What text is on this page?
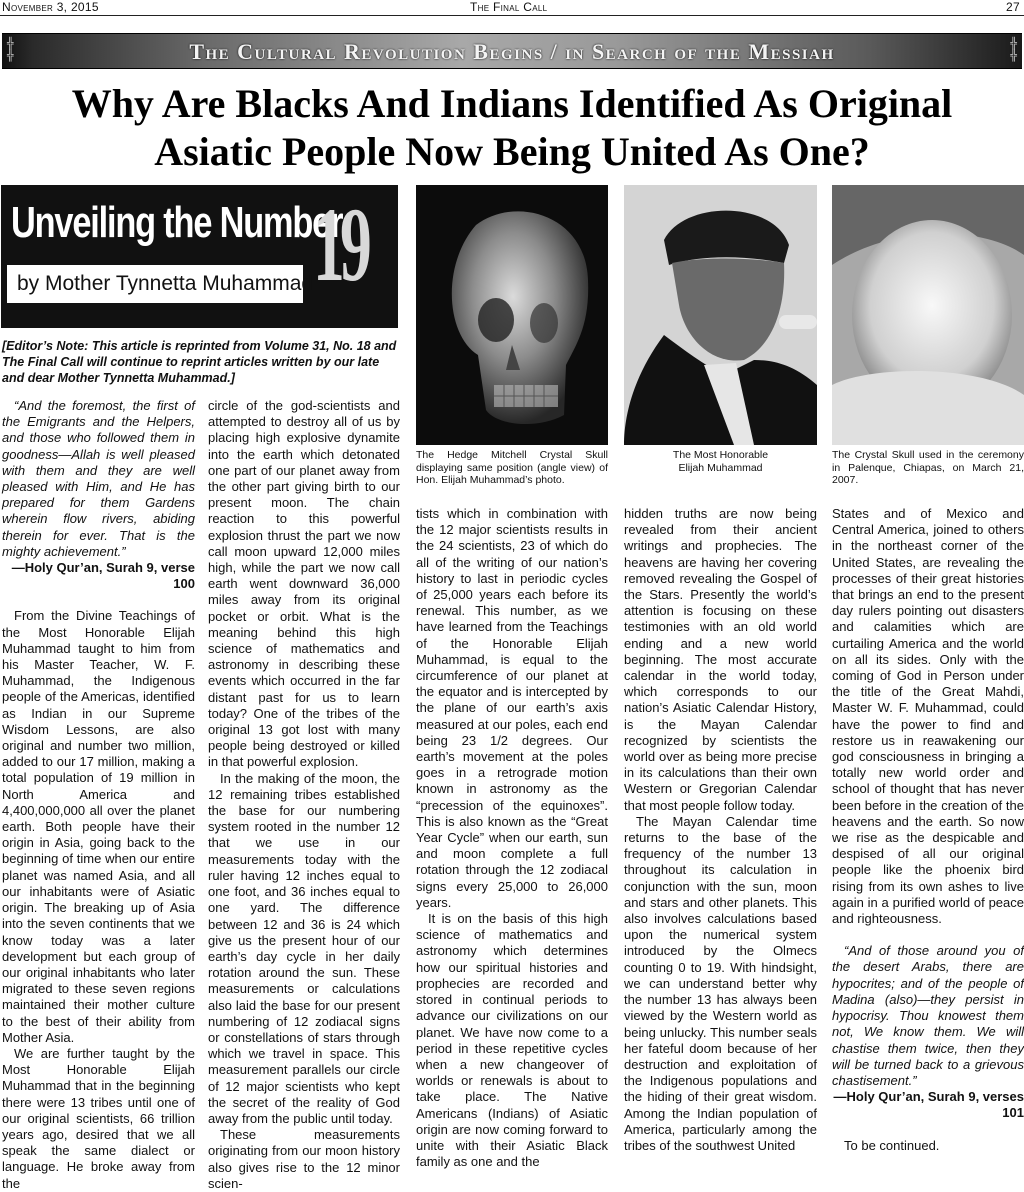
November 3, 2015	The Final Call	27
╬
╬
╬
╬
The Cultural Revolution Begins / in Search of the Messiah
Why Are Blacks And Indians Identified As Original
Asiatic People Now Being United As One?
Unveiling the Number
19
by Mother Tynnetta Muhammad
[Editor’s Note: This article is reprinted from Volume 31, No. 18 and The Final Call will continue to reprint articles written by our late and dear Mother Tynnetta Muhammad.]
The Hedge Mitchell Crystal Skull displaying same position (angle view) of Hon. Elijah Muhammad’s photo.
The Most Honorable
Elijah Muhammad
The Crystal Skull used in the ceremony in Palenque, Chiapas, on March 21, 2007.

“And the foremost, the first of the Emigrants and the Helpers, and those who followed them in goodness—Allah is well pleased with them and they are well pleased with Him, and He has prepared for them Gardens wherein flow rivers, abiding therein for ever. That is the mighty achievement.”

—Holy Qur’an, Surah 9, verse 100

From the Divine Teachings of the Most Honorable Elijah Muhammad taught to him from his Master Teacher, W. F. Muhammad, the Indigenous people of the Americas, identified as Indian in our Supreme Wisdom Lessons, are also original and number two million, added to our 17 million, making a total population of 19 million in North America and 4,400,000,000 all over the planet earth. Both people have their origin in Asia, going back to the beginning of time when our entire planet was named Asia, and all our inhabitants were of Asiatic origin. The breaking up of Asia into the seven continents that we know today was a later development but each group of our original inhabitants who later migrated to these seven regions maintained their mother culture to the best of their ability from Mother Asia.

We are further taught by the Most Honorable Elijah Muhammad that in the beginning there were 13 tribes until one of our original scientists, 66 trillion years ago, desired that we all speak the same dialect or language. He broke away from the

circle of the god-scientists and attempted to destroy all of us by placing high explosive dynamite into the earth which detonated one part of our planet away from the other part giving birth to our present moon. The chain reaction to this powerful explosion thrust the part we now call moon upward 12,000 miles high, while the part we now call earth went downward 36,000 miles away from its original pocket or orbit. What is the meaning behind this high science of mathematics and astronomy in describing these events which occurred in the far distant past for us to learn today? One of the tribes of the original 13 got lost with many people being destroyed or killed in that powerful explosion.

In the making of the moon, the 12 remaining tribes established the base for our numbering system rooted in the number 12 that we use in our measurements today with the ruler having 12 inches equal to one foot, and 36 inches equal to one yard. The difference between 12 and 36 is 24 which give us the present hour of our earth’s day cycle in her daily rotation around the sun. These measurements or calculations also laid the base for our present numbering of 12 zodiacal signs or constellations of stars through which we travel in space. This measurement parallels our circle of 12 major scientists who kept the secret of the reality of God away from the public until today.

These measurements originating from our moon history also gives rise to the 12 minor scien-

tists which in combination with the 12 major scientists results in the 24 scientists, 23 of which do all of the writing of our nation’s history to last in periodic cycles of 25,000 years each before its renewal. This number, as we have learned from the Teachings of the Honorable Elijah Muhammad, is equal to the circumference of our planet at the equator and is intercepted by the plane of our earth’s axis measured at our poles, each end being 23 1/2 degrees. Our earth’s movement at the poles goes in a retrograde motion known in astronomy as the “precession of the equinoxes”. This is also known as the “Great Year Cycle” when our earth, sun and moon complete a full rotation through the 12 zodiacal signs every 25,000 to 26,000 years.

It is on the basis of this high science of mathematics and astronomy which determines how our spiritual histories and prophecies are recorded and stored in continual periods to advance our civilizations on our planet. We have now come to a period in these repetitive cycles when a new changeover of worlds or renewals is about to take place. The Native Americans (Indians) of Asiatic origin are now coming forward to unite with their Asiatic Black family as one and the

hidden truths are now being revealed from their ancient writings and prophecies. The heavens are having her covering removed revealing the Gospel of the Stars. Presently the world’s attention is focusing on these testimonies with an old world ending and a new world beginning. The most accurate calendar in the world today, which corresponds to our nation’s Asiatic Calendar History, is the Mayan Calendar recognized by scientists the world over as being more precise in its calculations than their own Western or Gregorian Calendar that most people follow today.

The Mayan Calendar time returns to the base of the frequency of the number 13 throughout its calculation in conjunction with the sun, moon and stars and other planets. This also involves calculations based upon the numerical system introduced by the Olmecs counting 0 to 19. With hindsight, we can understand better why the number 13 has always been viewed by the Western world as being unlucky. This number seals her fateful doom because of her destruction and exploitation of the Indigenous populations and the hiding of their great wisdom. Among the Indian population of America, particularly among the tribes of the southwest United

States and of Mexico and Central America, joined to others in the northeast corner of the United States, are revealing the processes of their great histories that brings an end to the present day rulers pointing out disasters and calamities which are curtailing America and the world on all its sides. Only with the coming of God in Person under the title of the Great Mahdi, Master W. F. Muhammad, could have the power to find and restore us in reawakening our god consciousness in bringing a totally new world order and school of thought that has never been before in the creation of the heavens and the earth. So now we rise as the despicable and despised of all our original people like the phoenix bird rising from its own ashes to live again in a purified world of peace and righteousness.

“And of those around you of the desert Arabs, there are hypocrites; and of the people of Madina (also)—they persist in hypocrisy. Thou knowest them not, We know them. We will chastise them twice, then they will be turned back to a grievous chastisement.”

—Holy Qur’an, Surah 9, verses 101

To be continued.
